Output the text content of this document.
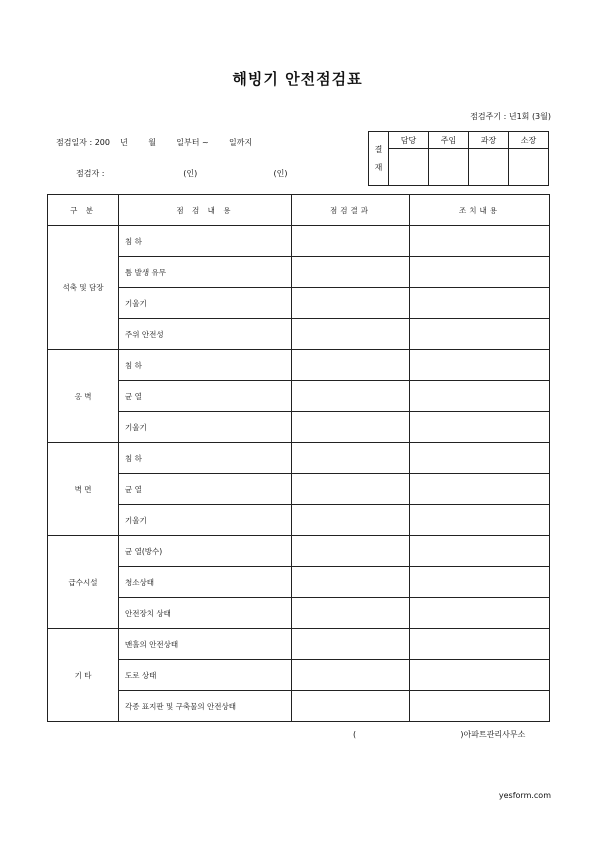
해빙기 안전점검표
점검주기 : 년1회 (3월)
점검일자 : 200    년        월        일부터 ~        일까지
점검자 :                               (인)                              (인)
결
재	담당	주임	과장	소장

구 분	점 검 내 용	점검결과	조치내용
석축 및 담장	침 하		
	틈 발생 유무		
	기울기		
	주위 안전성		
옹 벽	침 하		
	균 열		
	기울기		
벽 면	침 하		
	균 열		
	기울기		
급수시설	균 열(방수)		
	청소상태		
	안전장치 상태		
기 타	맨홀의 안전상태		
	도로 상태		
	각종 표지판 및 구축물의 안전상태		
(                                         )아파트관리사무소
yesform.com
